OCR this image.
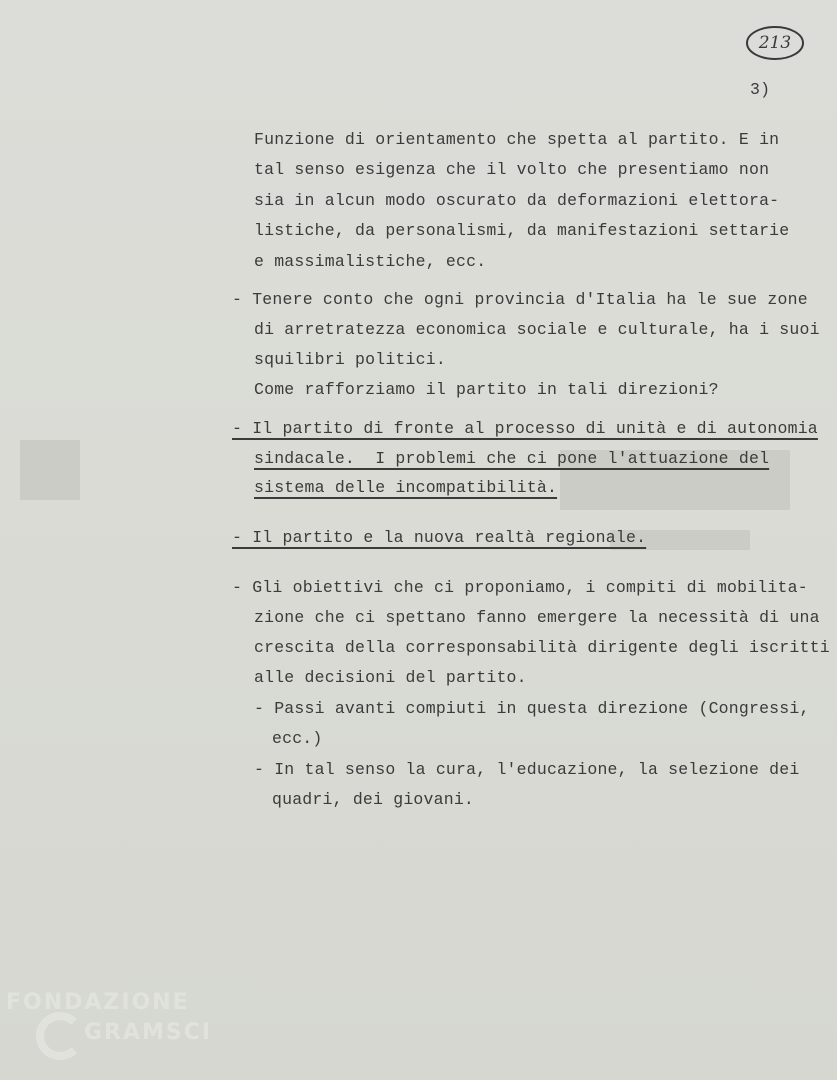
213
3)
Funzione di orientamento che spetta al partito. E in
tal senso esigenza che il volto che presentiamo non
sia in alcun modo oscurato da deformazioni elettora-
listiche, da personalismi, da manifestazioni settarie
e massimalistiche, ecc.
- Tenere conto che ogni provincia d'Italia ha le sue zone
di arretratezza economica sociale e culturale, ha i suoi
squilibri politici.
Come rafforziamo il partito in tali direzioni?
- Il partito di fronte al processo di unità e di autonomia
sindacale.  I problemi che ci pone l'attuazione del
sistema delle incompatibilità.
- Il partito e la nuova realtà regionale.
- Gli obiettivi che ci proponiamo, i compiti di mobilita-
zione che ci spettano fanno emergere la necessità di una
crescita della corresponsabilità dirigente degli iscritti
alle decisioni del partito.
- Passi avanti compiuti in questa direzione (Congressi,
ecc.)
- In tal senso la cura, l'educazione, la selezione dei
quadri, dei giovani.
FONDAZIONE
GRAMSCI
